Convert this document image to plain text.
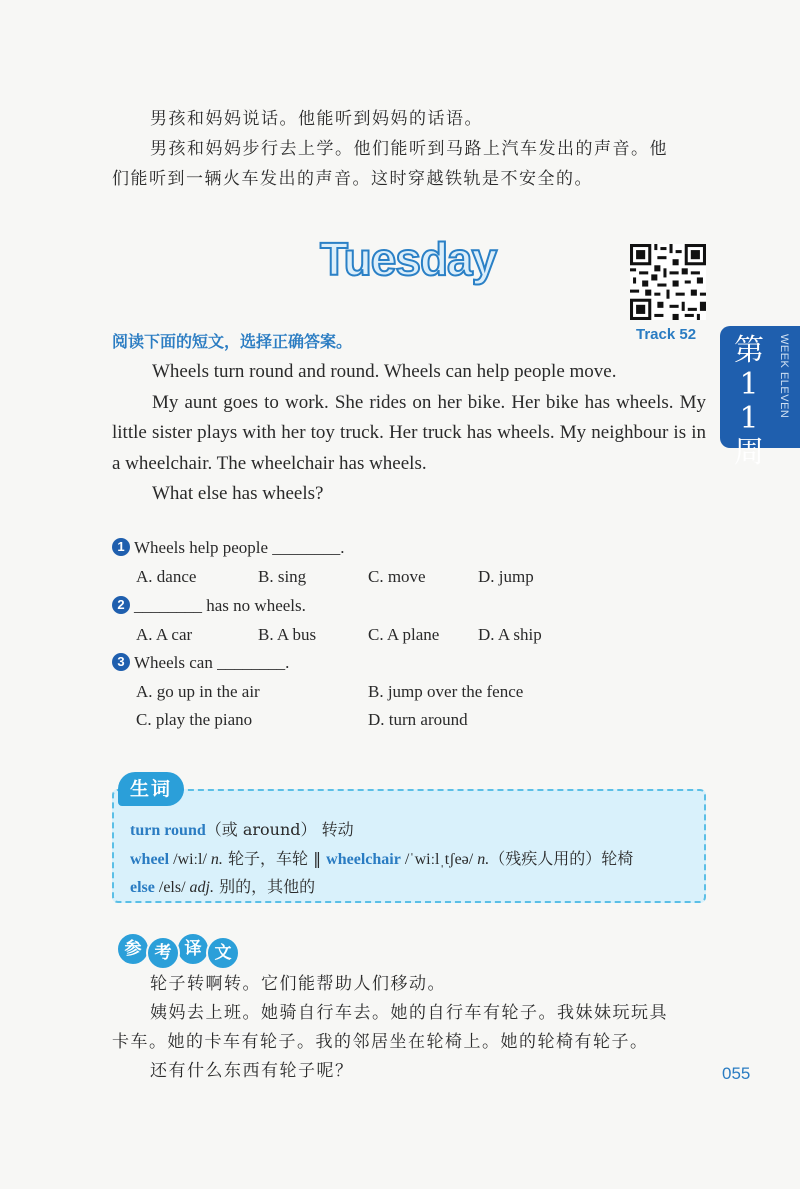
男孩和妈妈说话。他能听到妈妈的话语。

男孩和妈妈步行去上学。他们能听到马路上汽车发出的声音。他

们能听到一辆火车发出的声音。这时穿越铁轨是不安全的。

Tuesday
Track 52 第11周
WEEK ELEVEN
阅读下面的短文，选择正确答案。

Wheels turn round and round. Wheels can help people move.

My aunt goes to work. She rides on her bike. Her bike has wheels. My little sister plays with her toy truck. Her truck has wheels. My neighbour is in a wheelchair. The wheelchair has wheels.

What else has wheels?

1 Wheels help people ________.
A. dance	B. sing	C. move	D. jump
2 ________ has no wheels.
A. A car	B. A bus	C. A plane D. A ship
3 Wheels can ________.
A. go up in the air	B. jump over the fence
C. play the piano	D. turn around
生词
turn round（或 around） 转动
wheel /wiːl/ n. 轮子，车轮 ‖ wheelchair /ˈwiːlˌtʃeə/ n.（残疾人用的）轮椅
else /els/ adj. 别的，其他的
参 考 译 文

轮子转啊转。它们能帮助人们移动。

姨妈去上班。她骑自行车去。她的自行车有轮子。我妹妹玩玩具

卡车。她的卡车有轮子。我的邻居坐在轮椅上。她的轮椅有轮子。

还有什么东西有轮子呢？	055
